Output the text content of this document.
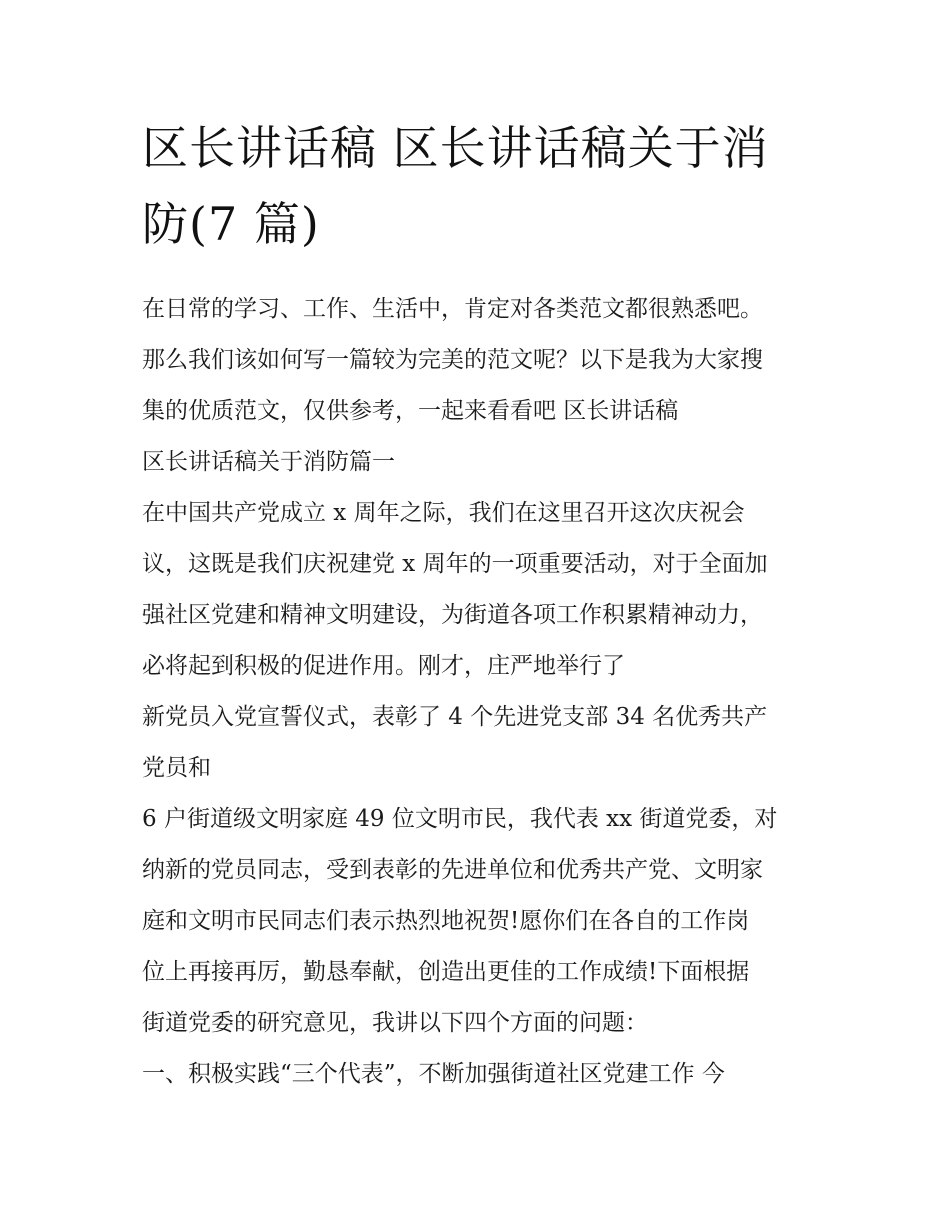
区长讲话稿 区长讲话稿关于消
防(7 篇)
在日常的学习、工作、生活中，肯定对各类范文都很熟悉吧。
那么我们该如何写一篇较为完美的范文呢？以下是我为大家搜
集的优质范文，仅供参考，一起来看看吧 区长讲话稿
区长讲话稿关于消防篇一
在中国共产党成立 x 周年之际，我们在这里召开这次庆祝会
议，这既是我们庆祝建党 x 周年的一项重要活动，对于全面加
强社区党建和精神文明建设，为街道各项工作积累精神动力，
必将起到积极的促进作用。刚才，庄严地举行了
新党员入党宣誓仪式，表彰了 4 个先进党支部 34 名优秀共产
党员和
6 户街道级文明家庭 49 位文明市民，我代表 xx 街道党委，对
纳新的党员同志，受到表彰的先进单位和优秀共产党、文明家
庭和文明市民同志们表示热烈地祝贺!愿你们在各自的工作岗
位上再接再厉，勤恳奉献，创造出更佳的工作成绩!下面根据
街道党委的研究意见，我讲以下四个方面的问题：
一、积极实践“三个代表”，不断加强街道社区党建工作 今
